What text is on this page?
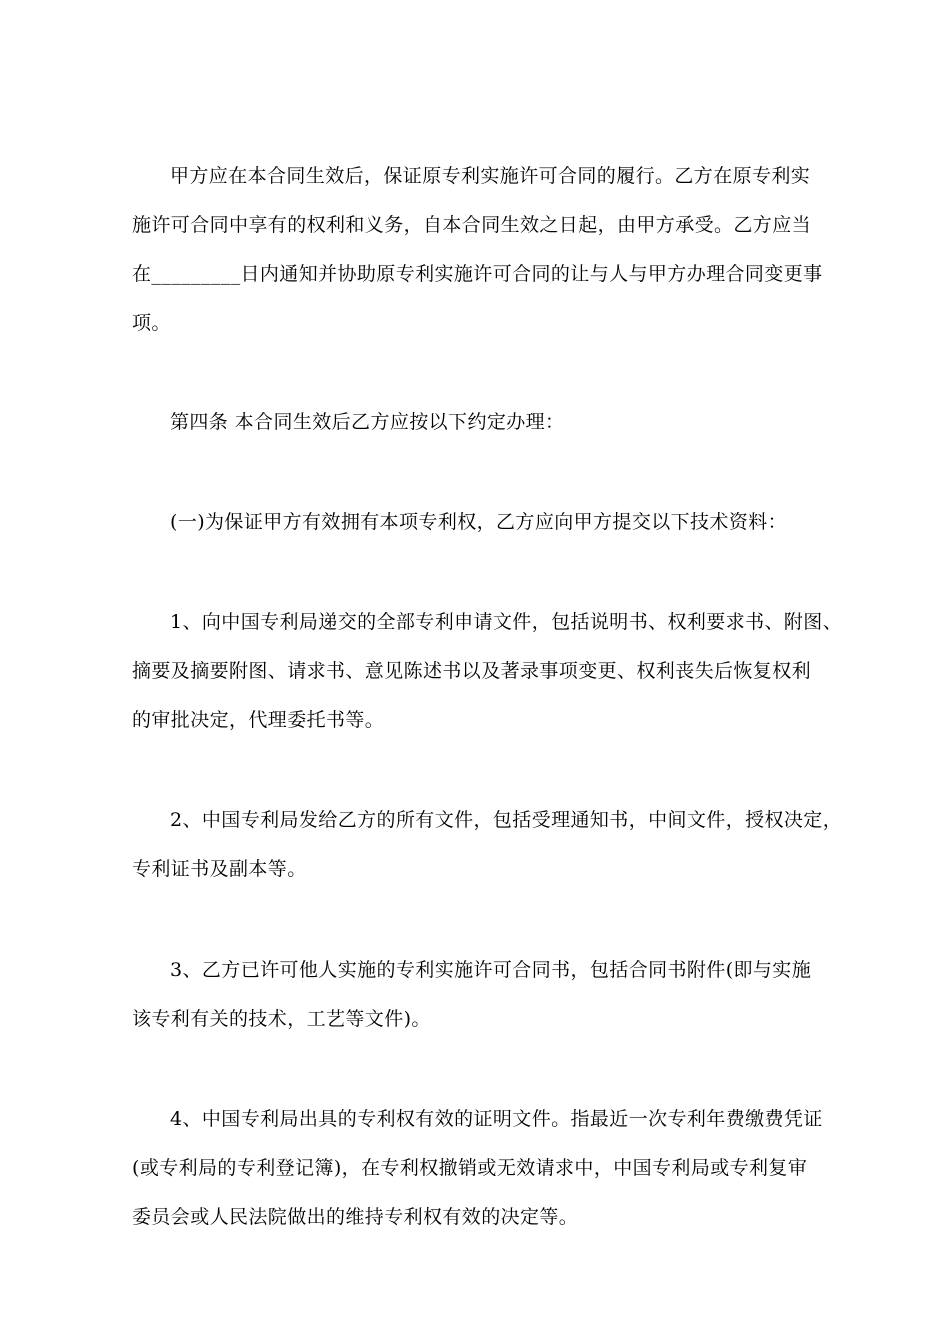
甲方应在本合同生效后，保证原专利实施许可合同的履行。乙方在原专利实
施许可合同中享有的权利和义务，自本合同生效之日起，由甲方承受。乙方应当
在_________日内通知并协助原专利实施许可合同的让与人与甲方办理合同变更事
项。
第四条 本合同生效后乙方应按以下约定办理：
(一)为保证甲方有效拥有本项专利权，乙方应向甲方提交以下技术资料：
1、向中国专利局递交的全部专利申请文件，包括说明书、权利要求书、附图、
摘要及摘要附图、请求书、意见陈述书以及著录事项变更、权利丧失后恢复权利
的审批决定，代理委托书等。
2、中国专利局发给乙方的所有文件，包括受理通知书，中间文件，授权决定，
专利证书及副本等。
3、乙方已许可他人实施的专利实施许可合同书，包括合同书附件(即与实施
该专利有关的技术，工艺等文件)。
4、中国专利局出具的专利权有效的证明文件。指最近一次专利年费缴费凭证
(或专利局的专利登记簿)，在专利权撤销或无效请求中，中国专利局或专利复审
委员会或人民法院做出的维持专利权有效的决定等。
